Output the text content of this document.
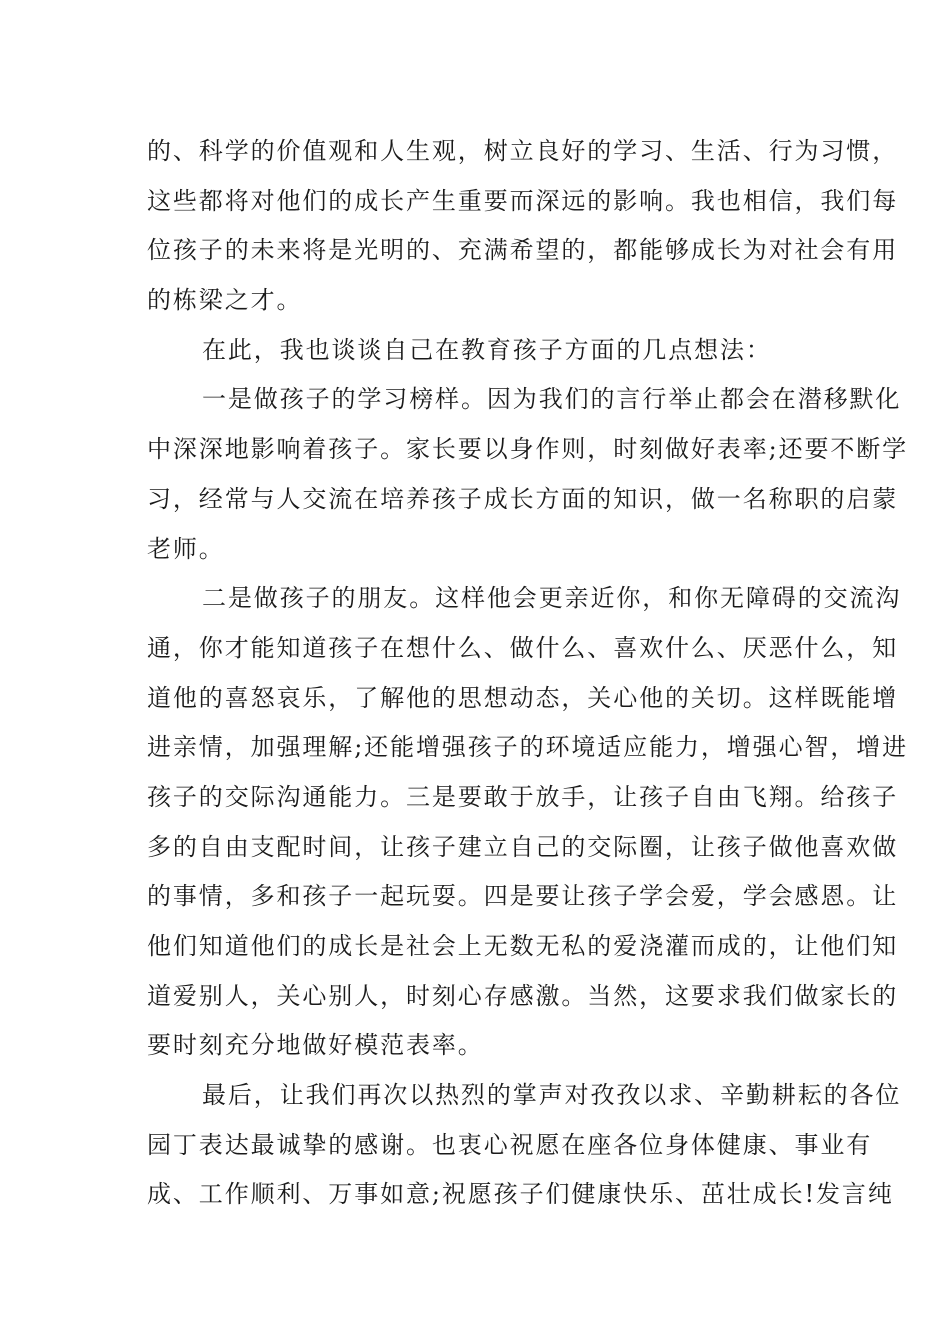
的、科学的价值观和人生观，树立良好的学习、生活、行为习惯，
这些都将对他们的成长产生重要而深远的影响。我也相信，我们每
位孩子的未来将是光明的、充满希望的，都能够成长为对社会有用
的栋梁之才。
在此，我也谈谈自己在教育孩子方面的几点想法：
一是做孩子的学习榜样。因为我们的言行举止都会在潜移默化
中深深地影响着孩子。家长要以身作则，时刻做好表率;还要不断学
习，经常与人交流在培养孩子成长方面的知识，做一名称职的启蒙
老师。
二是做孩子的朋友。这样他会更亲近你，和你无障碍的交流沟
通，你才能知道孩子在想什么、做什么、喜欢什么、厌恶什么，知
道他的喜怒哀乐，了解他的思想动态，关心他的关切。这样既能增
进亲情，加强理解;还能增强孩子的环境适应能力，增强心智，增进
孩子的交际沟通能力。三是要敢于放手，让孩子自由飞翔。给孩子
多的自由支配时间，让孩子建立自己的交际圈，让孩子做他喜欢做
的事情，多和孩子一起玩耍。四是要让孩子学会爱，学会感恩。让
他们知道他们的成长是社会上无数无私的爱浇灌而成的，让他们知
道爱别人，关心别人，时刻心存感激。当然，这要求我们做家长的
要时刻充分地做好模范表率。
最后，让我们再次以热烈的掌声对孜孜以求、辛勤耕耘的各位
园丁表达最诚挚的感谢。也衷心祝愿在座各位身体健康、事业有
成、工作顺利、万事如意;祝愿孩子们健康快乐、茁壮成长!发言纯
